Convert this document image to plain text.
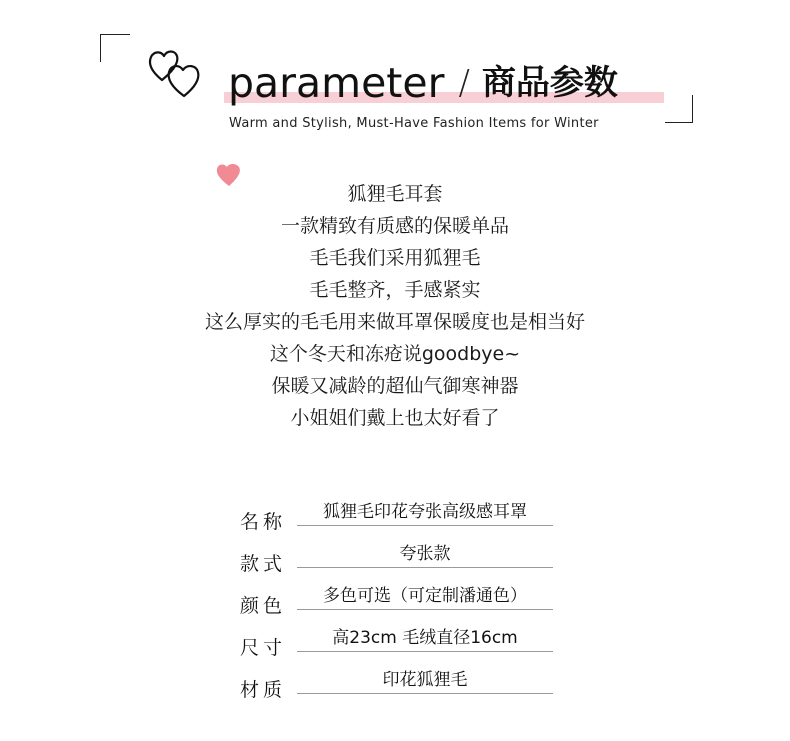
parameter / 商品参数
Warm and Stylish, Must-Have Fashion Items for Winter
狐狸毛耳套
一款精致有质感的保暖单品
毛毛我们采用狐狸毛
毛毛整齐，手感紧实
这么厚实的毛毛用来做耳罩保暖度也是相当好
这个冬天和冻疮说goodbye~
保暖又减龄的超仙气御寒神器
小姐姐们戴上也太好看了
名称	狐狸毛印花夸张高级感耳罩
款式	夸张款
颜色	多色可选（可定制潘通色）
尺寸	高23cm 毛绒直径16cm
材质	印花狐狸毛
